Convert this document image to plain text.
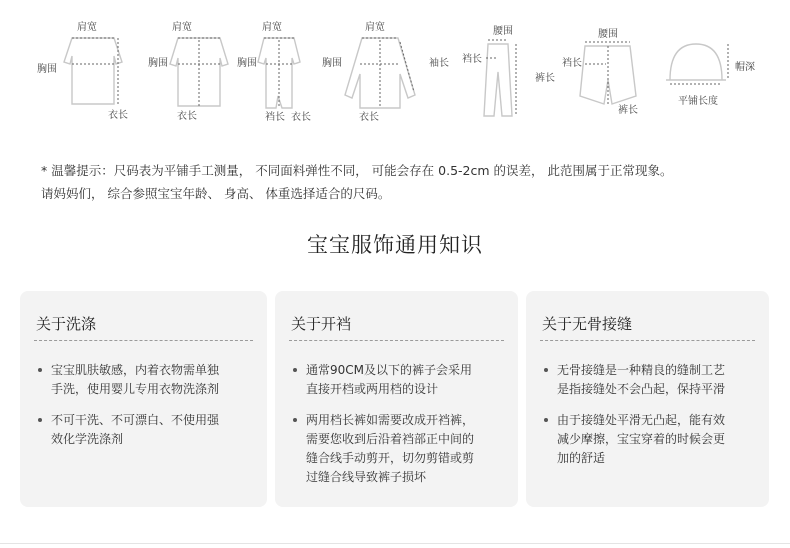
肩宽
胸围
衣长
肩宽
胸围
衣长
肩宽
胸围
裆长 衣长
肩宽
胸围	袖长
衣长
腰围
裆长
裤长
腰围
裆长
裤长
帽深
平铺长度
* 温馨提示：尺码表为平铺手工测量， 不同面料弹性不同， 可能会存在 0.5-2cm 的误差， 此范围属于正常现象。
请妈妈们， 综合参照宝宝年龄、 身高、 体重选择适合的尺码。
宝宝服饰通用知识
关于洗涤
宝宝肌肤敏感，内着衣物需单独
手洗，使用婴儿专用衣物洗涤剂
不可干洗、不可漂白、不使用强
效化学洗涤剂
关于开裆
通常90CM及以下的裤子会采用
直接开档或两用档的设计
两用档长裤如需要改成开裆裤，
需要您收到后沿着裆部正中间的
缝合线手动剪开，切勿剪错或剪
过缝合线导致裤子损坏
关于无骨接缝
无骨接缝是一种精良的缝制工艺
是指接缝处不会凸起，保持平滑
由于接缝处平滑无凸起，能有效
减少摩擦，宝宝穿着的时候会更
加的舒适
